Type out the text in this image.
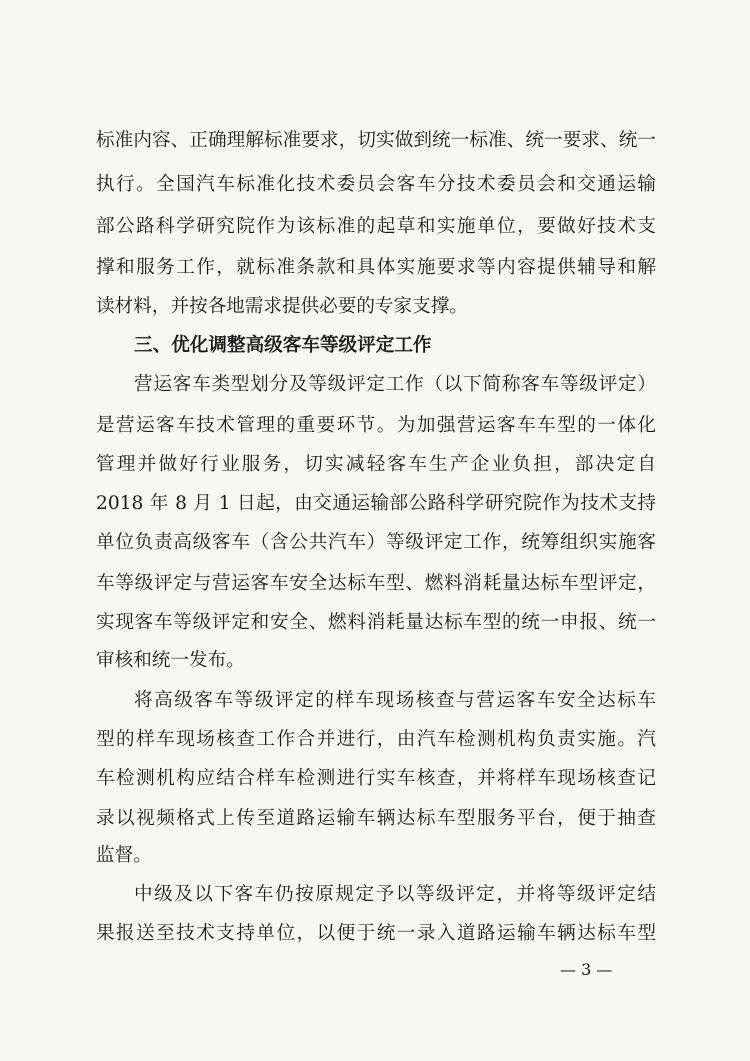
标准内容、正确理解标准要求，切实做到统一标准、统一要求、统一
执行。全国汽车标准化技术委员会客车分技术委员会和交通运输
部公路科学研究院作为该标准的起草和实施单位，要做好技术支
撑和服务工作，就标准条款和具体实施要求等内容提供辅导和解
读材料，并按各地需求提供必要的专家支撑。
三、优化调整高级客车等级评定工作
营运客车类型划分及等级评定工作（以下简称客车等级评定）
是营运客车技术管理的重要环节。为加强营运客车车型的一体化
管理并做好行业服务，切实减轻客车生产企业负担，部决定自
2018 年 8 月 1 日起，由交通运输部公路科学研究院作为技术支持
单位负责高级客车（含公共汽车）等级评定工作，统筹组织实施客
车等级评定与营运客车安全达标车型、燃料消耗量达标车型评定，
实现客车等级评定和安全、燃料消耗量达标车型的统一申报、统一
审核和统一发布。
将高级客车等级评定的样车现场核查与营运客车安全达标车
型的样车现场核查工作合并进行，由汽车检测机构负责实施。汽
车检测机构应结合样车检测进行实车核查，并将样车现场核查记
录以视频格式上传至道路运输车辆达标车型服务平台，便于抽查
监督。
中级及以下客车仍按原规定予以等级评定，并将等级评定结
果报送至技术支持单位，以便于统一录入道路运输车辆达标车型
— 3 —
